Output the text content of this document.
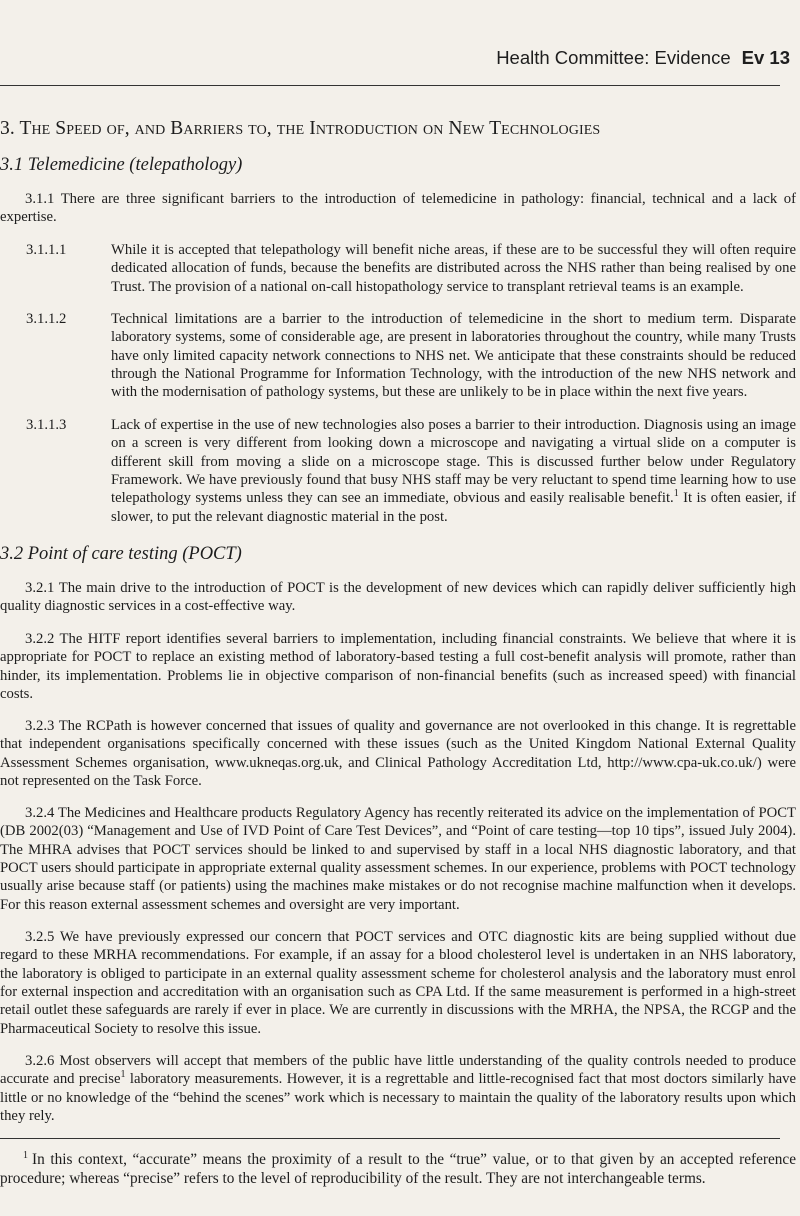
Health Committee: Evidence Ev 13
3. The Speed of, and Barriers to, the Introduction on New Technologies
3.1 Telemedicine (telepathology)

3.1.1 There are three significant barriers to the introduction of telemedicine in pathology: financial, technical and a lack of expertise.

3.1.1.1	While it is accepted that telepathology will benefit niche areas, if these are to be successful they will often require dedicated allocation of funds, because the benefits are distributed across the NHS rather than being realised by one Trust. The provision of a national on-call histopathology service to transplant retrieval teams is an example.

3.1.1.2	Technical limitations are a barrier to the introduction of telemedicine in the short to medium term. Disparate laboratory systems, some of considerable age, are present in laboratories throughout the country, while many Trusts have only limited capacity network connections to NHS net. We anticipate that these constraints should be reduced through the National Programme for Information Technology, with the introduction of the new NHS network and with the modernisation of pathology systems, but these are unlikely to be in place within the next five years.

3.1.1.3	Lack of expertise in the use of new technologies also poses a barrier to their introduction. Diagnosis using an image on a screen is very different from looking down a microscope and navigating a virtual slide on a computer is different skill from moving a slide on a microscope stage. This is discussed further below under Regulatory Framework. We have previously found that busy NHS staff may be very reluctant to spend time learning how to use telepathology systems unless they can see an immediate, obvious and easily realisable benefit.$^1$ It is often easier, if slower, to put the relevant diagnostic material in the post.

3.2 Point of care testing (POCT)

3.2.1 The main drive to the introduction of POCT is the development of new devices which can rapidly deliver sufficiently high quality diagnostic services in a cost-effective way.

3.2.2 The HITF report identifies several barriers to implementation, including financial constraints. We believe that where it is appropriate for POCT to replace an existing method of laboratory-based testing a full cost-benefit analysis will promote, rather than hinder, its implementation. Problems lie in objective comparison of non-financial benefits (such as increased speed) with financial costs.

3.2.3 The RCPath is however concerned that issues of quality and governance are not overlooked in this change. It is regrettable that independent organisations specifically concerned with these issues (such as the United Kingdom National External Quality Assessment Schemes organisation, www.ukneqas.org.uk, and Clinical Pathology Accreditation Ltd, http://www.cpa-uk.co.uk/) were not represented on the Task Force.

3.2.4 The Medicines and Healthcare products Regulatory Agency has recently reiterated its advice on the implementation of POCT (DB 2002(03) “Management and Use of IVD Point of Care Test Devices”, and “Point of care testing—top 10 tips”, issued July 2004). The MHRA advises that POCT services should be linked to and supervised by staff in a local NHS diagnostic laboratory, and that POCT users should participate in appropriate external quality assessment schemes. In our experience, problems with POCT technology usually arise because staff (or patients) using the machines make mistakes or do not recognise machine malfunction when it develops. For this reason external assessment schemes and oversight are very important.

3.2.5 We have previously expressed our concern that POCT services and OTC diagnostic kits are being supplied without due regard to these MRHA recommendations. For example, if an assay for a blood cholesterol level is undertaken in an NHS laboratory, the laboratory is obliged to participate in an external quality assessment scheme for cholesterol analysis and the laboratory must enrol for external inspection and accreditation with an organisation such as CPA Ltd. If the same measurement is performed in a high-street retail outlet these safeguards are rarely if ever in place. We are currently in discussions with the MRHA, the NPSA, the RCGP and the Pharmaceutical Society to resolve this issue.

3.2.6 Most observers will accept that members of the public have little understanding of the quality controls needed to produce accurate and precise$^1$ laboratory measurements. However, it is a regrettable and little-recognised fact that most doctors similarly have little or no knowledge of the “behind the scenes” work which is necessary to maintain the quality of the laboratory results upon which they rely.

$^1$ In this context, “accurate” means the proximity of a result to the “true” value, or to that given by an accepted reference procedure; whereas “precise” refers to the level of reproducibility of the result. They are not interchangeable terms.
